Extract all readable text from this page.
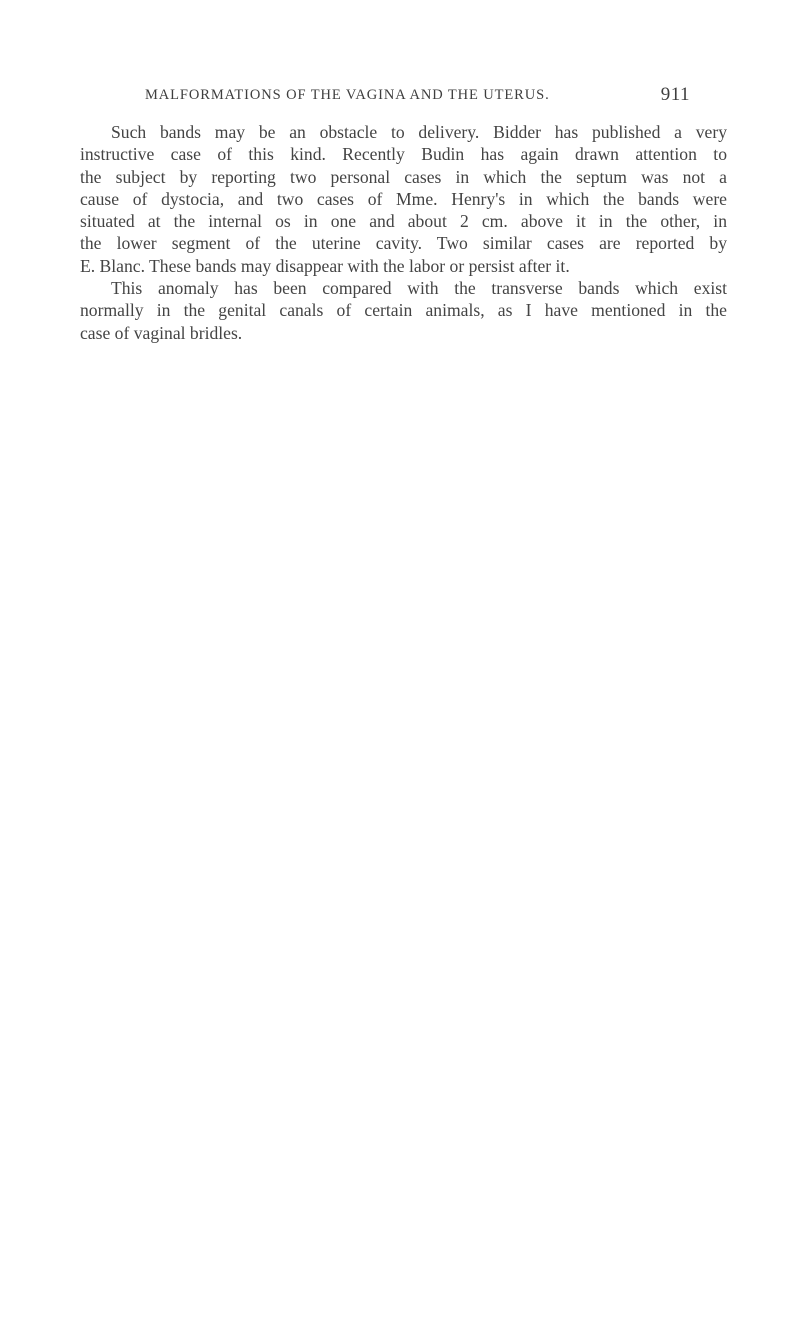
MALFORMATIONS OF THE VAGINA AND THE UTERUS.	911

Such bands may be an obstacle to delivery. Bidder has published a very
instructive case of this kind. Recently Budin has again drawn attention to
the subject by reporting two personal cases in which the septum was not a
cause of dystocia, and two cases of Mme. Henry's in which the bands were
situated at the internal os in one and about 2 cm. above it in the other, in
the lower segment of the uterine cavity. Two similar cases are reported by
E. Blanc. These bands may disappear with the labor or persist after it.

This anomaly has been compared with the transverse bands which exist
normally in the genital canals of certain animals, as I have mentioned in the
case of vaginal bridles.
